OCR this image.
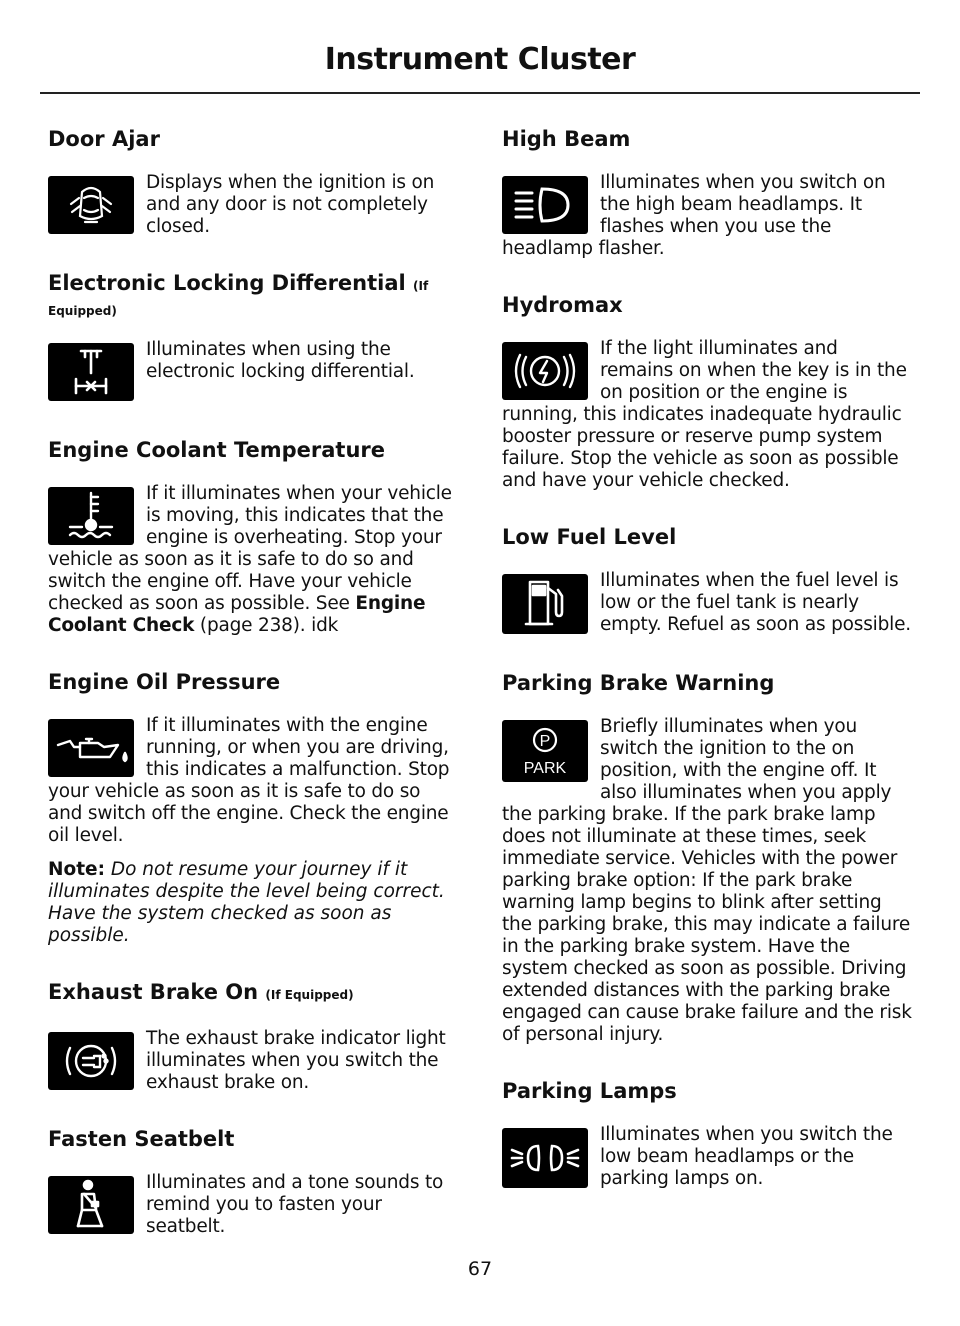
Instrument Cluster
Door Ajar

Displays when the ignition is on and any door is not completely closed.

Electronic Locking Differential (If
Equipped)

Illuminates when using the electronic locking differential.

Engine Coolant Temperature

If it illuminates when your vehicle is moving, this indicates that the engine is overheating. Stop your vehicle as soon as it is safe to do so and switch the engine off. Have your vehicle checked as soon as possible. See Engine Coolant Check (page 238). idk

Engine Oil Pressure

If it illuminates with the engine running, or when you are driving, this indicates a malfunction. Stop your vehicle as soon as it is safe to do so and switch off the engine. Check the engine oil level.

Note: Do not resume your journey if it illuminates despite the level being correct. Have the system checked as soon as possible.
Exhaust Brake On (If Equipped)

The exhaust brake indicator light illuminates when you switch the exhaust brake on.

Fasten Seatbelt

Illuminates and a tone sounds to remind you to fasten your seatbelt.

High Beam

Illuminates when you switch on the high beam headlamps. It flashes when you use the headlamp flasher.

Hydromax

If the light illuminates and remains on when the key is in the on position or the engine is running, this indicates inadequate hydraulic booster pressure or reserve pump system failure. Stop the vehicle as soon as possible and have your vehicle checked.

Low Fuel Level

Illuminates when the fuel level is low or the fuel tank is nearly empty. Refuel as soon as possible.

Parking Brake Warning
P
PARK

Briefly illuminates when you switch the ignition to the on position, with the engine off. It also illuminates when you apply the parking brake. If the park brake lamp does not illuminate at these times, seek immediate service. Vehicles with the power parking brake option: If the park brake warning lamp begins to blink after setting the parking brake, this may indicate a failure in the parking brake system. Have the system checked as soon as possible. Driving extended distances with the parking brake engaged can cause brake failure and the risk of personal injury.

Parking Lamps

Illuminates when you switch the low beam headlamps or the parking lamps on.

67
